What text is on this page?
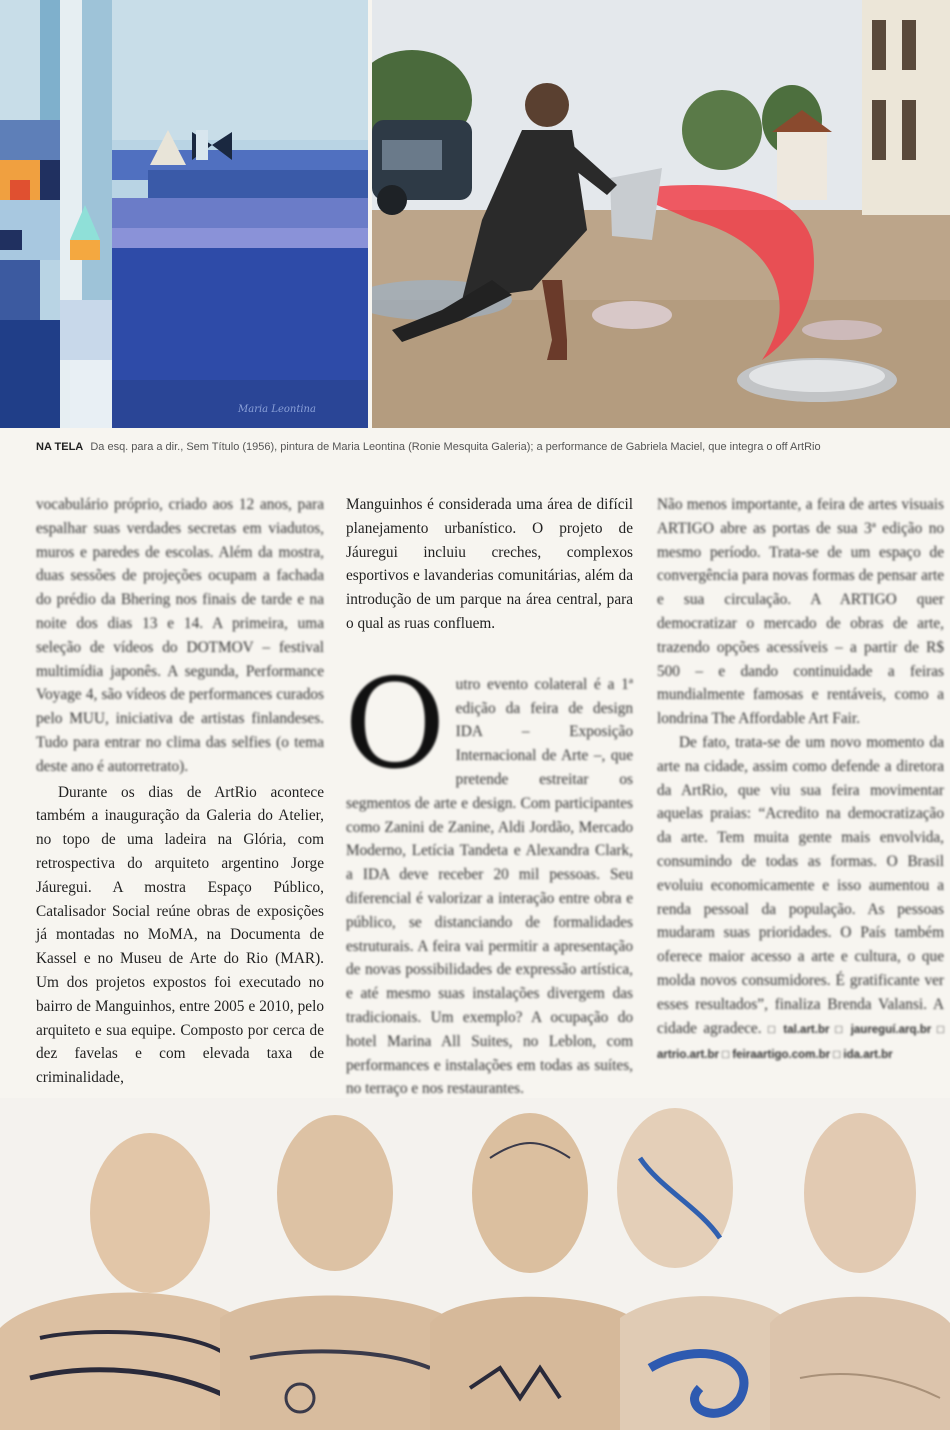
Maria Leontina
NA TELA Da esq. para a dir., Sem Título (1956), pintura de Maria Leontina (Ronie Mesquita Galeria); a performance de Gabriela Maciel, que integra o off ArtRio

vocabulário próprio, criado aos 12 anos, para espalhar suas verdades secretas em viadutos, muros e paredes de escolas. Além da mostra, duas sessões de projeções ocupam a fachada do prédio da Bhering nos finais de tarde e na noite dos dias 13 e 14. A primeira, uma seleção de vídeos do DOTMOV – festival multimídia japonês. A segunda, Performance Voyage 4, são vídeos de performances curados pelo MUU, iniciativa de artistas finlandeses. Tudo para entrar no clima das selfies (o tema deste ano é autorretrato).

Durante os dias de ArtRio acontece também a inauguração da Galeria do Atelier, no topo de uma ladeira na Glória, com retrospectiva do arquiteto argentino Jorge Jáuregui. A mostra Espaço Público, Catalisador Social reúne obras de exposições já montadas no MoMA, na Documenta de Kassel e no Museu de Arte do Rio (MAR). Um dos projetos expostos foi executado no bairro de Manguinhos, entre 2005 e 2010, pelo arquiteto e sua equipe. Composto por cerca de dez favelas e com elevada taxa de criminalidade,

Manguinhos é considerada uma área de difícil planejamento urbanístico. O projeto de Jáuregui incluiu creches, complexos esportivos e lavanderias comunitárias, além da introdução de um parque na área central, para o qual as ruas confluem.

O utro evento colateral é a 1ª edição da feira de design IDA – Exposição Internacional de Arte –, que pretende estreitar os segmentos de arte e design. Com participantes como Zanini de Zanine, Aldi Jordão, Mercado Moderno, Letícia Tandeta e Alexandra Clark, a IDA deve receber 20 mil pessoas. Seu diferencial é valorizar a interação entre obra e público, se distanciando de formalidades estruturais. A feira vai permitir a apresentação de novas possibilidades de expressão artística, e até mesmo suas instalações divergem das tradicionais. Um exemplo? A ocupação do hotel Marina All Suites, no Leblon, com performances e instalações em todas as suítes, no terraço e nos restaurantes.

Não menos importante, a feira de artes visuais ARTIGO abre as portas de sua 3ª edição no mesmo período. Trata-se de um espaço de convergência para novas formas de pensar arte e sua circulação. A ARTIGO quer democratizar o mercado de obras de arte, trazendo opções acessíveis – a partir de R$ 500 – e dando continuidade a feiras mundialmente famosas e rentáveis, como a londrina The Affordable Art Fair.

De fato, trata-se de um novo momento da arte na cidade, assim como defende a diretora da ArtRio, que viu sua feira movimentar aquelas praias: “Acredito na democratização da arte. Tem muita gente mais envolvida, consumindo de todas as formas. O Brasil evoluiu economicamente e isso aumentou a renda pessoal da população. As pessoas mudaram suas prioridades. O País também oferece maior acesso a arte e cultura, o que molda novos consumidores. É gratificante ver esses resultados”, finaliza Brenda Valansi. A cidade agradece. □ tal.art.br □ jaureguí.arq.br □ artrio.art.br □ feiraartigo.com.br □ ida.art.br
